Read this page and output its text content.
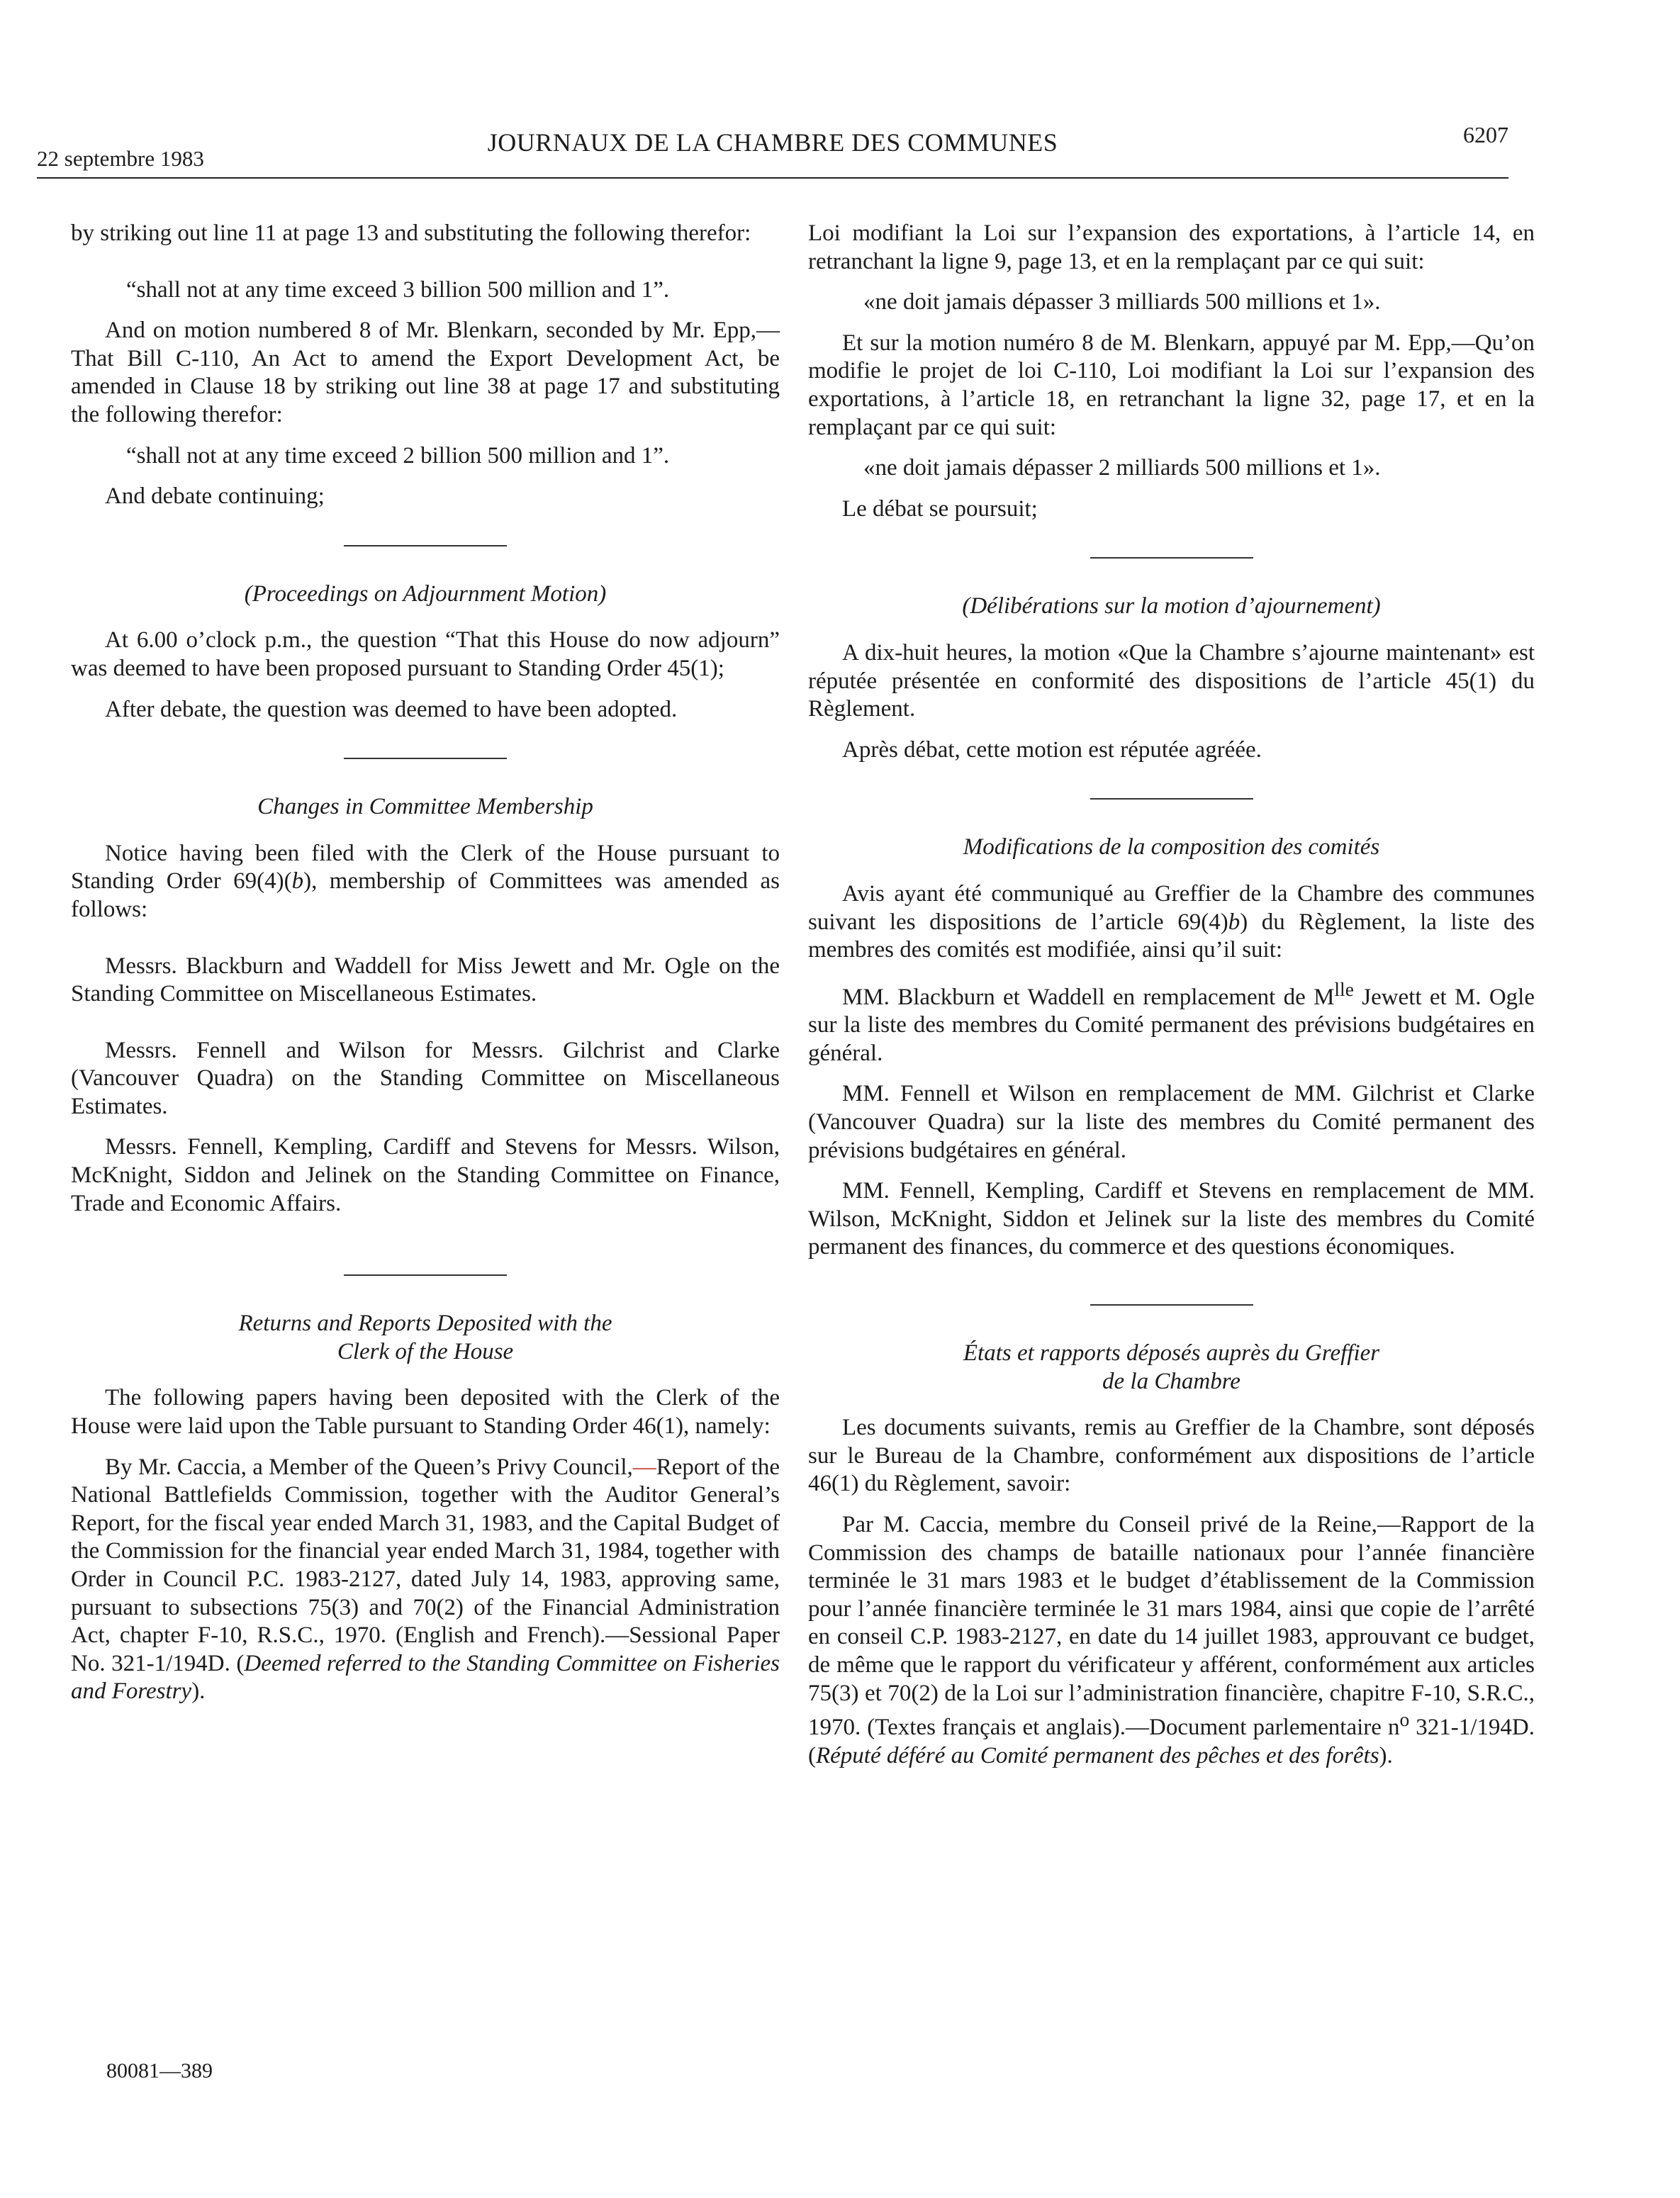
22 septembre 1983
JOURNAUX DE LA CHAMBRE DES COMMUNES	6207

by striking out line 11 at page 13 and substituting the following therefor:

“shall not at any time exceed 3 billion 500 million and 1”.

And on motion numbered 8 of Mr. Blenkarn, seconded by Mr. Epp,—That Bill C-110, An Act to amend the Export Development Act, be amended in Clause 18 by striking out line 38 at page 17 and substituting the following therefor:

“shall not at any time exceed 2 billion 500 million and 1”.

And debate continuing;

(Proceedings on Adjournment Motion)

At 6.00 o’clock p.m., the question “That this House do now adjourn” was deemed to have been proposed pursuant to Standing Order 45(1);

After debate, the question was deemed to have been adopted.

Changes in Committee Membership

Notice having been filed with the Clerk of the House pursuant to Standing Order 69(4)(b), membership of Committees was amended as follows:

Messrs. Blackburn and Waddell for Miss Jewett and Mr. Ogle on the Standing Committee on Miscellaneous Estimates.

Messrs. Fennell and Wilson for Messrs. Gilchrist and Clarke (Vancouver Quadra) on the Standing Committee on Miscellaneous Estimates.

Messrs. Fennell, Kempling, Cardiff and Stevens for Messrs. Wilson, McKnight, Siddon and Jelinek on the Standing Committee on Finance, Trade and Economic Affairs.

Returns and Reports Deposited with the
Clerk of the House

The following papers having been deposited with the Clerk of the House were laid upon the Table pursuant to Standing Order 46(1), namely:

By Mr. Caccia, a Member of the Queen’s Privy Council,—Report of the National Battlefields Commission, together with the Auditor General’s Report, for the fiscal year ended March 31, 1983, and the Capital Budget of the Commission for the financial year ended March 31, 1984, together with Order in Council P.C. 1983-2127, dated July 14, 1983, approving same, pursuant to subsections 75(3) and 70(2) of the Financial Administration Act, chapter F-10, R.S.C., 1970. (English and French).—Sessional Paper No. 321-1/194D. (Deemed referred to the Standing Committee on Fisheries and Forestry).

Loi modifiant la Loi sur l’expansion des exportations, à l’article 14, en retranchant la ligne 9, page 13, et en la remplaçant par ce qui suit:

«ne doit jamais dépasser 3 milliards 500 millions et 1».

Et sur la motion numéro 8 de M. Blenkarn, appuyé par M. Epp,—Qu’on modifie le projet de loi C-110, Loi modifiant la Loi sur l’expansion des exportations, à l’article 18, en retranchant la ligne 32, page 17, et en la remplaçant par ce qui suit:

«ne doit jamais dépasser 2 milliards 500 millions et 1».

Le débat se poursuit;

(Délibérations sur la motion d’ajournement)

A dix-huit heures, la motion «Que la Chambre s’ajourne maintenant» est réputée présentée en conformité des dispositions de l’article 45(1) du Règlement.

Après débat, cette motion est réputée agréée.

Modifications de la composition des comités

Avis ayant été communiqué au Greffier de la Chambre des communes suivant les dispositions de l’article 69(4)b) du Règlement, la liste des membres des comités est modifiée, ainsi qu’il suit:

MM. Blackburn et Waddell en remplacement de $M^{lle}$ Jewett et M. Ogle sur la liste des membres du Comité permanent des prévisions budgétaires en général.

MM. Fennell et Wilson en remplacement de MM. Gilchrist et Clarke (Vancouver Quadra) sur la liste des membres du Comité permanent des prévisions budgétaires en général.

MM. Fennell, Kempling, Cardiff et Stevens en remplacement de MM. Wilson, McKnight, Siddon et Jelinek sur la liste des membres du Comité permanent des finances, du commerce et des questions économiques.

États et rapports déposés auprès du Greffier
de la Chambre

Les documents suivants, remis au Greffier de la Chambre, sont déposés sur le Bureau de la Chambre, conformément aux dispositions de l’article 46(1) du Règlement, savoir:

Par M. Caccia, membre du Conseil privé de la Reine,—Rapport de la Commission des champs de bataille nationaux pour l’année financière terminée le 31 mars 1983 et le budget d’établissement de la Commission pour l’année financière terminée le 31 mars 1984, ainsi que copie de l’arrêté en conseil C.P. 1983-2127, en date du 14 juillet 1983, approuvant ce budget, de même que le rapport du vérificateur y afférent, conformément aux articles 75(3) et 70(2) de la Loi sur l’administration financière, chapitre F-10, S.R.C., 1970. (Textes français et anglais).—Document parlementaire $n^o$ 321-1/194D. (Réputé déféré au Comité permanent des pêches et des forêts).

80081—389
